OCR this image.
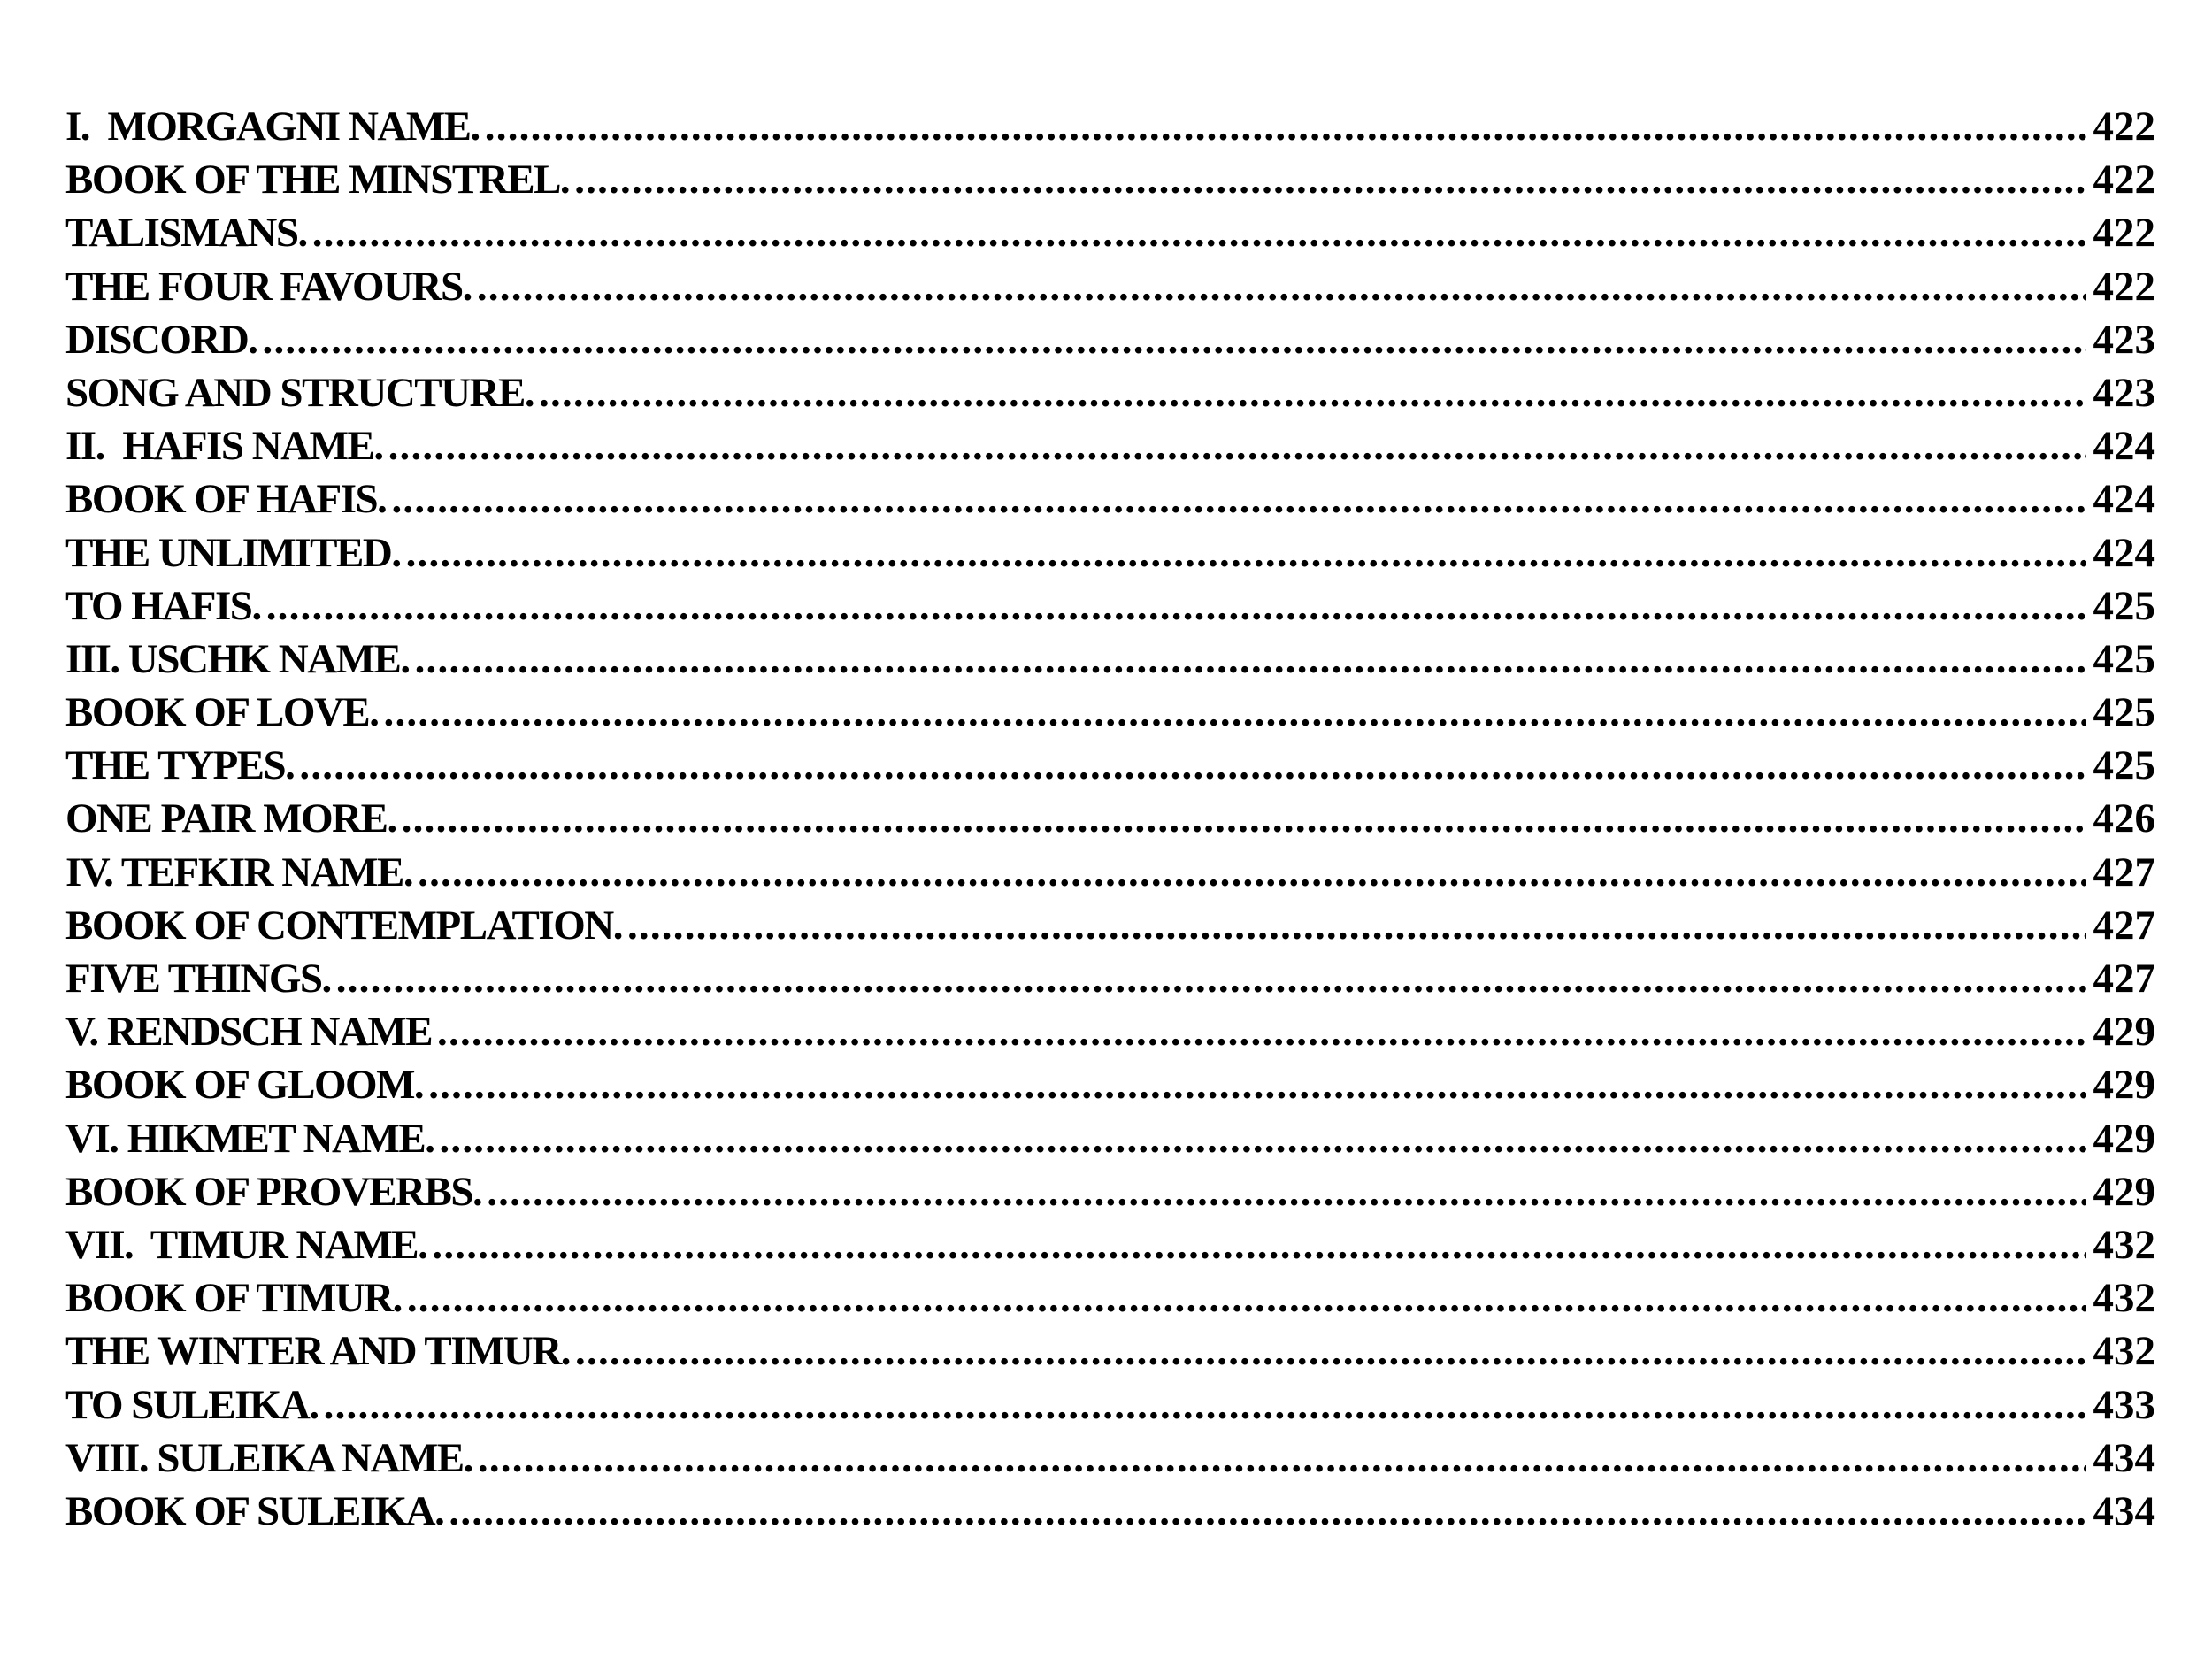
I.  MORGAGNI NAME. .....	422
BOOK OF THE MINSTREL. .....	422
TALISMANS. .....	422
THE FOUR FAVOURS. .....	422
DISCORD. .....	423
SONG AND STRUCTURE. .....	423
II.  HAFIS NAME. .....	424
BOOK OF HAFIS. .....	424
THE UNLIMITED. .....	424
TO HAFIS. .....	425
III. USCHK NAME. .....	425
BOOK OF LOVE. .....	425
THE TYPES. .....	425
ONE PAIR MORE. .....	426
IV. TEFKIR NAME. .....	427
BOOK OF CONTEMPLATION. .....	427
FIVE THINGS. .....	427
V. RENDSCH NAME .....	429
BOOK OF GLOOM. .....	429
VI. HIKMET NAME. .....	429
BOOK OF PROVERBS. .....	429
VII.  TIMUR NAME. .....	432
BOOK OF TIMUR. .....	432
THE WINTER AND TIMUR. .....	432
TO SULEIKA. .....	433
VIII. SULEIKA NAME. .....	434
BOOK OF SULEIKA. .....	434
